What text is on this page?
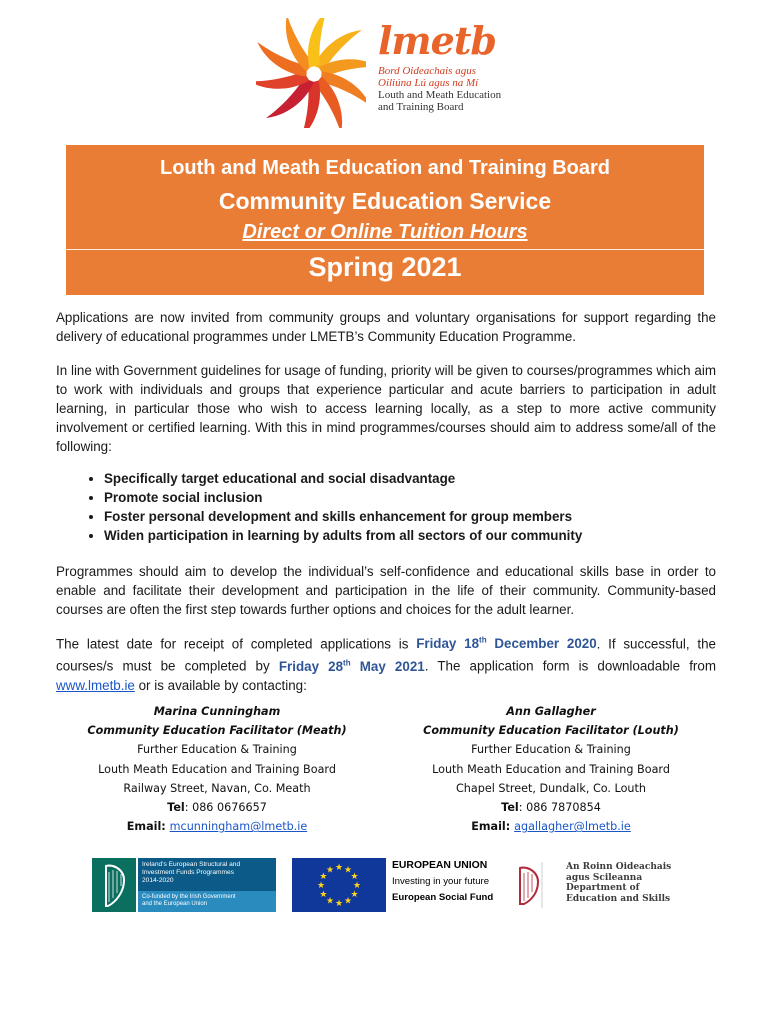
lmetb
Bord Oideachais agus
Oiliúna Lú agus na Mí
Louth and Meath Education
and Training Board
Louth and Meath Education and Training Board
Community Education Service
Direct or Online Tuition Hours
Spring 2021
Applications are now invited from community groups and voluntary organisations for support regarding the delivery of educational programmes under LMETB’s Community Education Programme.
In line with Government guidelines for usage of funding, priority will be given to courses/programmes which aim to work with individuals and groups that experience particular and acute barriers to participation in adult learning, in particular those who wish to access learning locally, as a step to more active community involvement or certified learning. With this in mind programmes/courses should aim to address some/all of the following:
• Specifically target educational and social disadvantage
• Promote social inclusion
• Foster personal development and skills enhancement for group members
• Widen participation in learning by adults from all sectors of our community
Programmes should aim to develop the individual’s self-confidence and educational skills base in order to enable and facilitate their development and participation in the life of their community. Community-based courses are often the first step towards further options and choices for the adult learner.
The latest date for receipt of completed applications is Friday 18th December 2020. If successful, the courses/s must be completed by Friday 28th May 2021. The application form is downloadable from www.lmetb.ie or is available by contacting:
Marina Cunningham
Community Education Facilitator (Meath)
Further Education & Training
Louth Meath Education and Training Board
Railway Street, Navan, Co. Meath
Tel: 086 0676657
Email: mcunningham@lmetb.ie
Ann Gallagher
Community Education Facilitator (Louth)
Further Education & Training
Louth Meath Education and Training Board
Chapel Street, Dundalk, Co. Louth
Tel: 086 7870854
Email: agallagher@lmetb.ie
Ireland’s European Structural and
Investment Funds Programmes
2014-2020
Co-funded by the Irish Government
and the European Union
★
★
★
★
★
★
★
★
★ ★ ★
★
EUROPEAN UNION
Investing in your future
European Social Fund
An Roinn Oideachais
agus Scileanna
Department of
Education and Skills
